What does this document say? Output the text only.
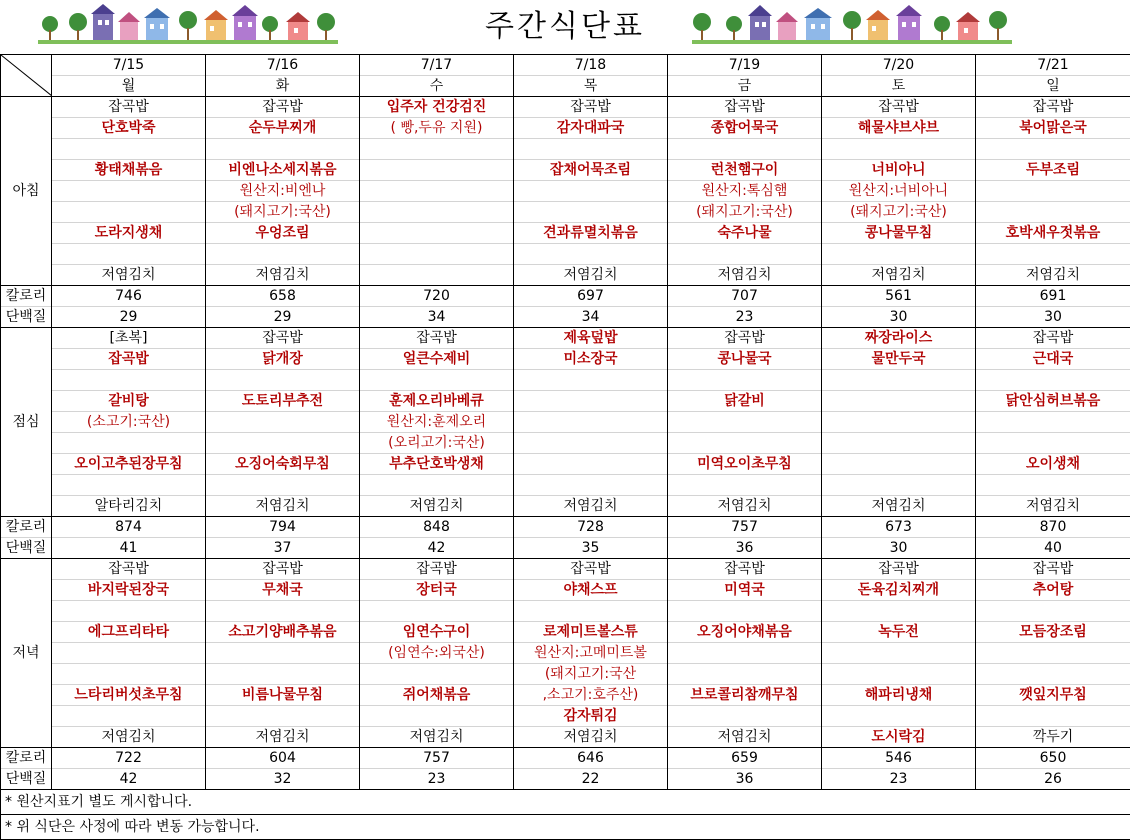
주간식단표
	7/15	7/16	7/17	7/18	7/19	7/20	7/21
	월	화	수	목	금	토	일
아침	잡곡밥	잡곡밥	입주자 건강검진	잡곡밥	잡곡밥	잡곡밥	잡곡밥
	단호박죽	순두부찌개	( 빵,두유 지원)	감자대파국	종합어묵국	해물샤브샤브	북어맑은국

	황태채볶음	비엔나소세지볶음		잡채어묵조림	런천햄구이	너비아니	두부조림
		원산지:비엔나			원산지:톡심햄	원산지:너비아니	
		(돼지고기:국산)			(돼지고기:국산)	(돼지고기:국산)	
	도라지생채	우엉조림		견과류멸치볶음	숙주나물	콩나물무침	호박새우젓볶음

	저염김치	저염김치		저염김치	저염김치	저염김치	저염김치
칼로리	746	658	720	697	707	561	691
단백질	29	29	34	34	23	30	30
점심	[초복]	잡곡밥	잡곡밥	제육덮밥	잡곡밥	짜장라이스	잡곡밥
	잡곡밥	닭개장	얼큰수제비	미소장국	콩나물국	물만두국	근대국

	갈비탕	도토리부추전	훈제오리바베큐		닭갈비		닭안심허브볶음
	(소고기:국산)		원산지:훈제오리				
			(오리고기:국산)				
	오이고추된장무침	오징어숙회무침	부추단호박생채		미역오이초무침		오이생채

	알타리김치	저염김치	저염김치	저염김치	저염김치	저염김치	저염김치
칼로리	874	794	848	728	757	673	870
단백질	41	37	42	35	36	30	40
저녁	잡곡밥	잡곡밥	잡곡밥	잡곡밥	잡곡밥	잡곡밥	잡곡밥
	바지락된장국	무채국	장터국	야채스프	미역국	돈육김치찌개	추어탕

	에그프리타타	소고기양배추볶음	임연수구이	로제미트볼스튜	오징어야채볶음	녹두전	모듬장조림
			(임연수:외국산)	원산지:고메미트볼			
				(돼지고기:국산			
	느타리버섯초무침	비름나물무침	쥐어채볶음	,소고기:호주산)	브로콜리참깨무침	해파리냉채	깻잎지무침
				감자튀김			
	저염김치	저염김치	저염김치	저염김치	저염김치	도시락김	깍두기
칼로리	722	604	757	646	659	546	650
단백질	42	32	23	22	36	23	26
* 원산지표기 별도 게시합니다.							
* 위 식단은 사정에 따라 변동 가능합니다.							
